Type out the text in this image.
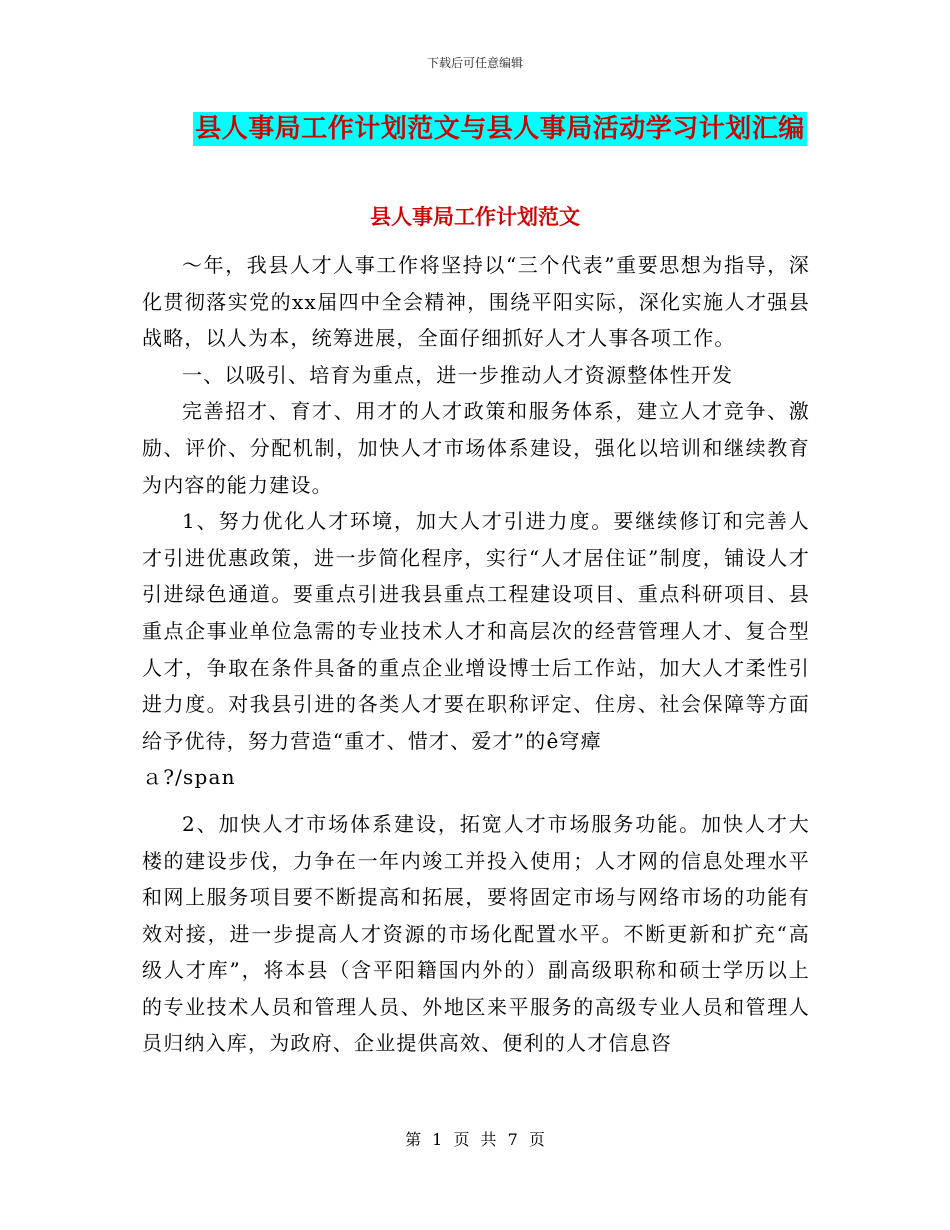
下载后可任意编辑
县人事局工作计划范文与县人事局活动学习计划汇编
县人事局工作计划范文

～年，我县人才人事工作将坚持以“三个代表”重要思想为指导，深化贯彻落实党的xx届四中全会精神，围绕平阳实际，深化实施人才强县战略，以人为本，统筹进展，全面仔细抓好人才人事各项工作。

一、以吸引、培育为重点，进一步推动人才资源整体性开发

完善招才、育才、用才的人才政策和服务体系，建立人才竞争、激励、评价、分配机制，加快人才市场体系建设，强化以培训和继续教育为内容的能力建设。

1、努力优化人才环境，加大人才引进力度。要继续修订和完善人才引进优惠政策，进一步简化程序，实行“人才居住证”制度，铺设人才引进绿色通道。要重点引进我县重点工程建设项目、重点科研项目、县重点企事业单位急需的专业技术人才和高层次的经营管理人才、复合型人才，争取在条件具备的重点企业增设博士后工作站，加大人才柔性引进力度。对我县引进的各类人才要在职称评定、住房、社会保障等方面给予优待，努力营造“重才、惜才、爱才”的ê穹瘴

ａ?/span

2、加快人才市场体系建设，拓宽人才市场服务功能。加快人才大楼的建设步伐，力争在一年内竣工并投入使用；人才网的信息处理水平和网上服务项目要不断提高和拓展，要将固定市场与网络市场的功能有效对接，进一步提高人才资源的市场化配置水平。不断更新和扩充“高级人才库”，将本县（含平阳籍国内外的）副高级职称和硕士学历以上的专业技术人员和管理人员、外地区来平服务的高级专业人员和管理人员归纳入库，为政府、企业提供高效、便利的人才信息咨

第 1 页 共 7 页
